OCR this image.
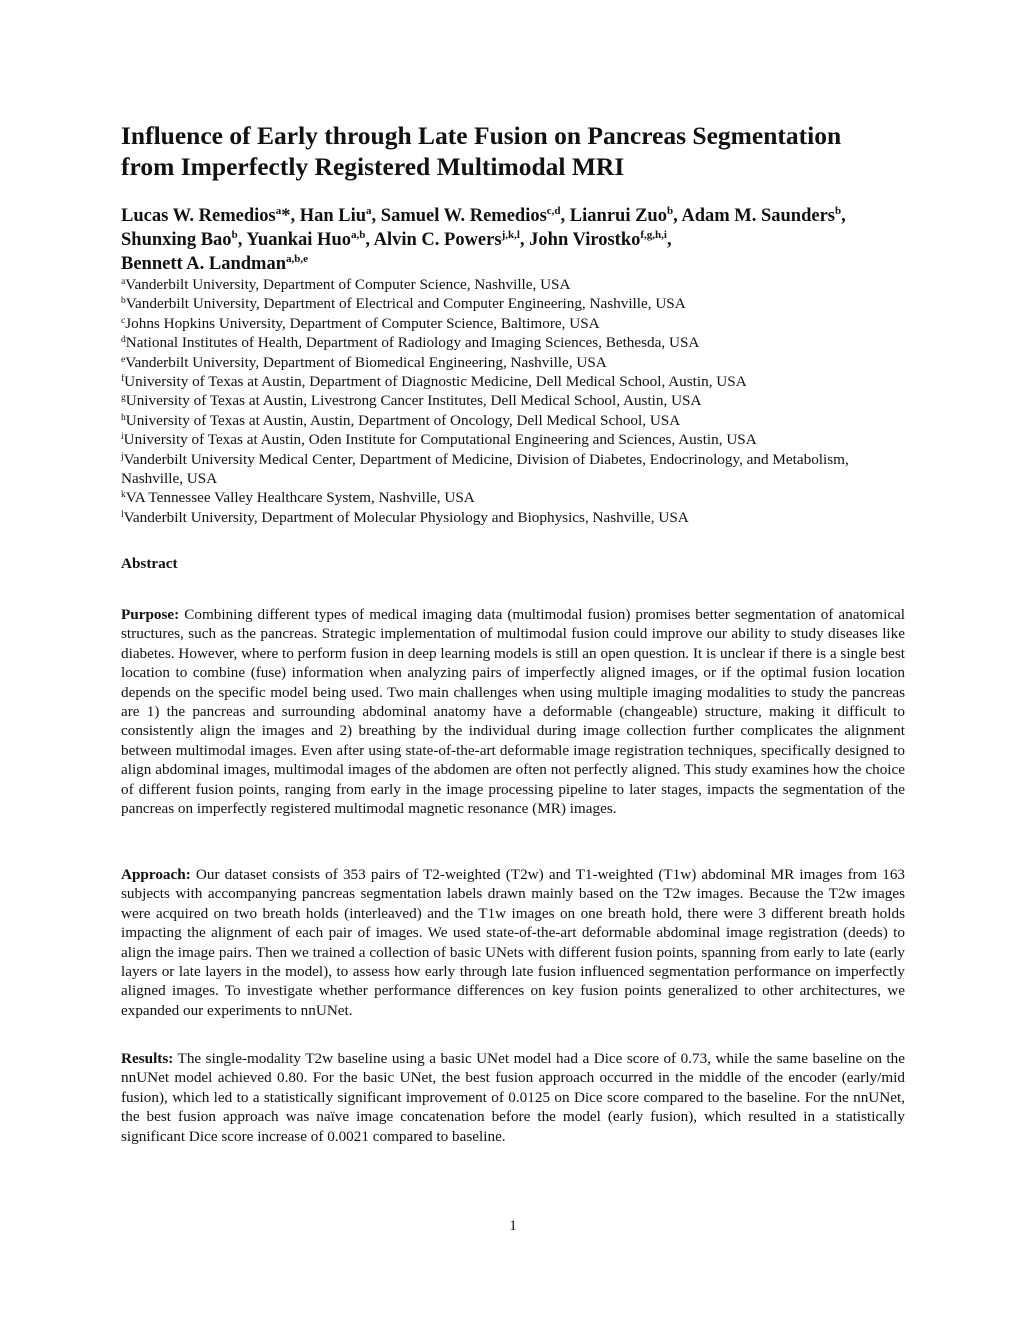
Influence of Early through Late Fusion on Pancreas Segmentation
from Imperfectly Registered Multimodal MRI

Lucas W. Remedios$^a$*, Han Liu$^a$, Samuel W. Remedios$^{c,d}$, Lianrui Zuo$^b$, Adam M. Saunders$^b$, Shunxing Bao$^b$, Yuankai Huo$^{a,b}$, Alvin C. Powers$^{j,k,l}$, John Virostko$^{f,g,h,i}$,
Bennett A. Landman$^{a,b,e}$

$^a$Vanderbilt University, Department of Computer Science, Nashville, USA
$^b$Vanderbilt University, Department of Electrical and Computer Engineering, Nashville, USA
$^c$Johns Hopkins University, Department of Computer Science, Baltimore, USA
$^d$National Institutes of Health, Department of Radiology and Imaging Sciences, Bethesda, USA
$^e$Vanderbilt University, Department of Biomedical Engineering, Nashville, USA
$^f$University of Texas at Austin, Department of Diagnostic Medicine, Dell Medical School, Austin, USA
$^g$University of Texas at Austin, Livestrong Cancer Institutes, Dell Medical School, Austin, USA
$^h$University of Texas at Austin, Austin, Department of Oncology, Dell Medical School, USA
$^i$University of Texas at Austin, Oden Institute for Computational Engineering and Sciences, Austin, USA
$^j$Vanderbilt University Medical Center, Department of Medicine, Division of Diabetes, Endocrinology, and Metabolism, Nashville, USA
$^k$VA Tennessee Valley Healthcare System, Nashville, USA
$^l$Vanderbilt University, Department of Molecular Physiology and Biophysics, Nashville, USA
Abstract

Purpose: Combining different types of medical imaging data (multimodal fusion) promises better segmentation of anatomical structures, such as the pancreas. Strategic implementation of multimodal fusion could improve our ability to study diseases like diabetes. However, where to perform fusion in deep learning models is still an open question. It is unclear if there is a single best location to combine (fuse) information when analyzing pairs of imperfectly aligned images, or if the optimal fusion location depends on the specific model being used. Two main challenges when using multiple imaging modalities to study the pancreas are 1) the pancreas and surrounding abdominal anatomy have a deformable (changeable) structure, making it difficult to consistently align the images and 2) breathing by the individual during image collection further complicates the alignment between multimodal images. Even after using state-of-the-art deformable image registration techniques, specifically designed to align abdominal images, multimodal images of the abdomen are often not perfectly aligned. This study examines how the choice of different fusion points, ranging from early in the image processing pipeline to later stages, impacts the segmentation of the pancreas on imperfectly registered multimodal magnetic resonance (MR) images.

Approach: Our dataset consists of 353 pairs of T2-weighted (T2w) and T1-weighted (T1w) abdominal MR images from 163 subjects with accompanying pancreas segmentation labels drawn mainly based on the T2w images. Because the T2w images were acquired on two breath holds (interleaved) and the T1w images on one breath hold, there were 3 different breath holds impacting the alignment of each pair of images. We used state-of-the-art deformable abdominal image registration (deeds) to align the image pairs. Then we trained a collection of basic UNets with different fusion points, spanning from early to late (early layers or late layers in the model), to assess how early through late fusion influenced segmentation performance on imperfectly aligned images. To investigate whether performance differences on key fusion points generalized to other architectures, we expanded our experiments to nnUNet.

Results: The single-modality T2w baseline using a basic UNet model had a Dice score of 0.73, while the same baseline on the nnUNet model achieved 0.80. For the basic UNet, the best fusion approach occurred in the middle of the encoder (early/mid fusion), which led to a statistically significant improvement of 0.0125 on Dice score compared to the baseline. For the nnUNet, the best fusion approach was naïve image concatenation before the model (early fusion), which resulted in a statistically significant Dice score increase of 0.0021 compared to baseline.

1
